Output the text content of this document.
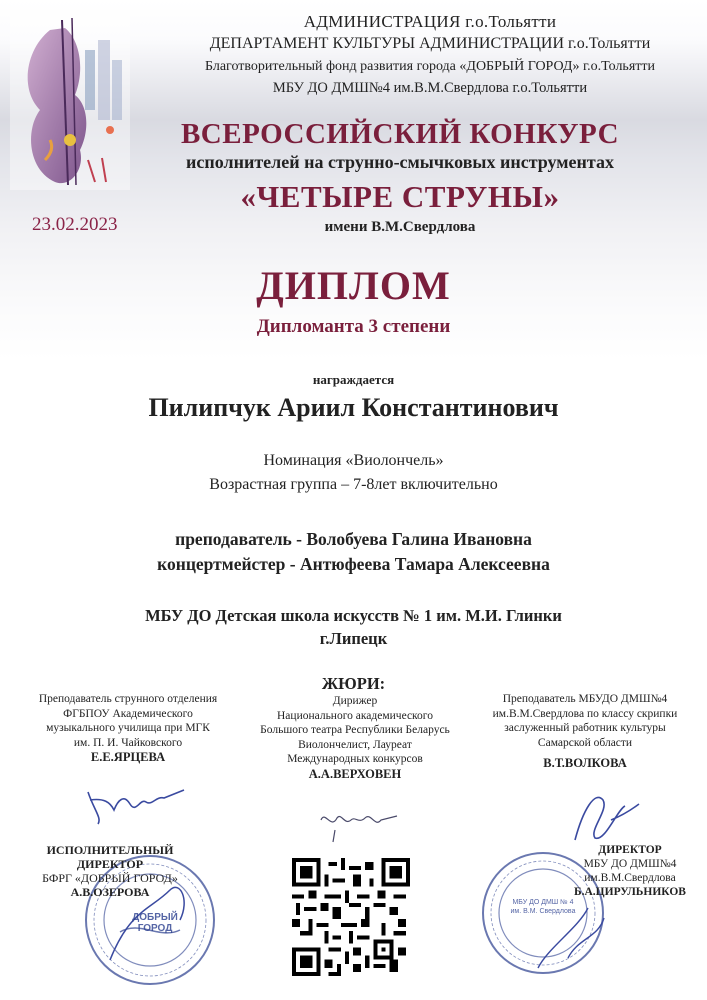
АДМИНИСТРАЦИЯ г.о.Тольятти
ДЕПАРТАМЕНТ КУЛЬТУРЫ АДМИНИСТРАЦИИ г.о.Тольятти
Благотворительный фонд развития города «ДОБРЫЙ ГОРОД» г.о.Тольятти
МБУ ДО ДМШ№4 им.В.М.Свердлова г.о.Тольятти
ВСЕРОССИЙСКИЙ КОНКУРС
исполнителей на струнно-смычковых инструментах
«ЧЕТЫРЕ СТРУНЫ»
имени В.М.Свердлова
23.02.2023
ДИПЛОМ
Дипломанта 3 степени
награждается
Пилипчук Ариил Константинович
Номинация «Виолончель»
Возрастная группа – 7-8лет включительно
преподаватель - Волобуева Галина Ивановна
концертмейстер - Антюфеева Тамара Алексеевна
МБУ ДО Детская школа искусств № 1 им. М.И. Глинки
г.Липецк
ЖЮРИ:
Преподаватель струнного отделения
ФГБПОУ Академического
музыкального училища при МГК
им. П. И. Чайковского
Е.Е.ЯРЦЕВА
Дирижер
Национального академического
Большого театра Республики Беларусь
Виолончелист, Лауреат
Международных конкурсов
А.А.ВЕРХОВЕН
Преподаватель МБУДО ДМШ№4
им.В.М.Свердлова по классу скрипки
заслуженный работник культуры
Самарской области
В.Т.ВОЛКОВА
ДОБРЫЙ ГОРОД
ИСПОЛНИТЕЛЬНЫЙ
ДИРЕКТОР
БФРГ «ДОБРЫЙ ГОРОД»
А.В.ОЗЕРОВА
МБУ ДО ДМШ № 4 им. В.М. Свердлова
ДИРЕКТОР
МБУ ДО ДМШ№4
им.В.М.Свердлова
Б.А.ЦИРУЛЬНИКОВ
